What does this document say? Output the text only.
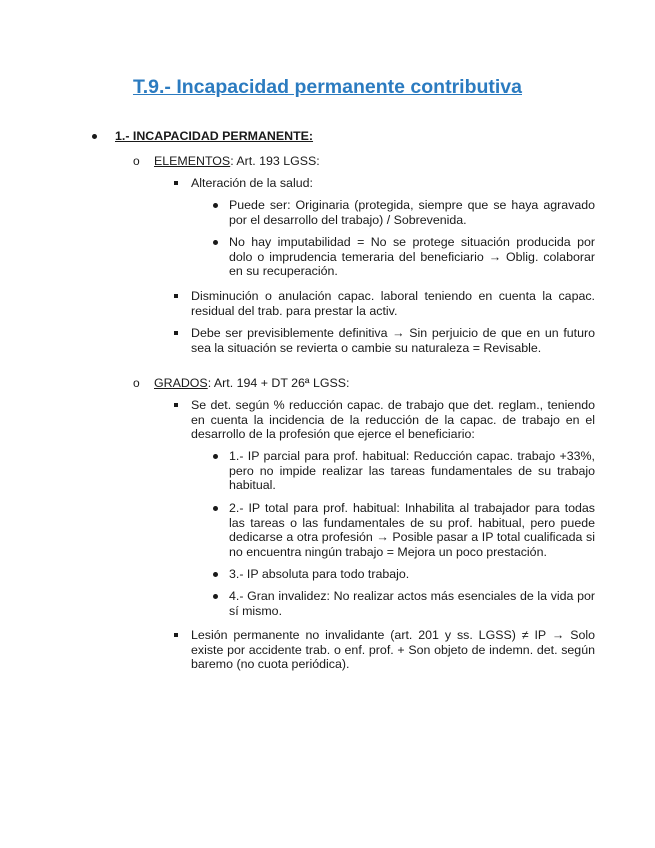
T.9.- Incapacidad permanente contributiva
1.- INCAPACIDAD PERMANENTE:
o ELEMENTOS: Art. 193 LGSS:
Alteración de la salud:
Puede ser: Originaria (protegida, siempre que se haya agravado por el desarrollo del trabajo) / Sobrevenida.
No hay imputabilidad = No se protege situación producida por dolo o imprudencia temeraria del beneficiario → Oblig. colaborar en su recuperación.
Disminución o anulación capac. laboral teniendo en cuenta la capac. residual del trab. para prestar la activ.
Debe ser previsiblemente definitiva → Sin perjuicio de que en un futuro sea la situación se revierta o cambie su naturaleza = Revisable.
o GRADOS: Art. 194 + DT 26ª LGSS:
Se det. según % reducción capac. de trabajo que det. reglam., teniendo en cuenta la incidencia de la reducción de la capac. de trabajo en el desarrollo de la profesión que ejerce el beneficiario:
1.- IP parcial para prof. habitual: Reducción capac. trabajo +33%, pero no impide realizar las tareas fundamentales de su trabajo habitual.
2.- IP total para prof. habitual: Inhabilita al trabajador para todas las tareas o las fundamentales de su prof. habitual, pero puede dedicarse a otra profesión → Posible pasar a IP total cualificada si no encuentra ningún trabajo = Mejora un poco prestación.
3.- IP absoluta para todo trabajo.
4.- Gran invalidez: No realizar actos más esenciales de la vida por sí mismo.
Lesión permanente no invalidante (art. 201 y ss. LGSS) ≠ IP → Solo existe por accidente trab. o enf. prof. + Son objeto de indemn. det. según baremo (no cuota periódica).
